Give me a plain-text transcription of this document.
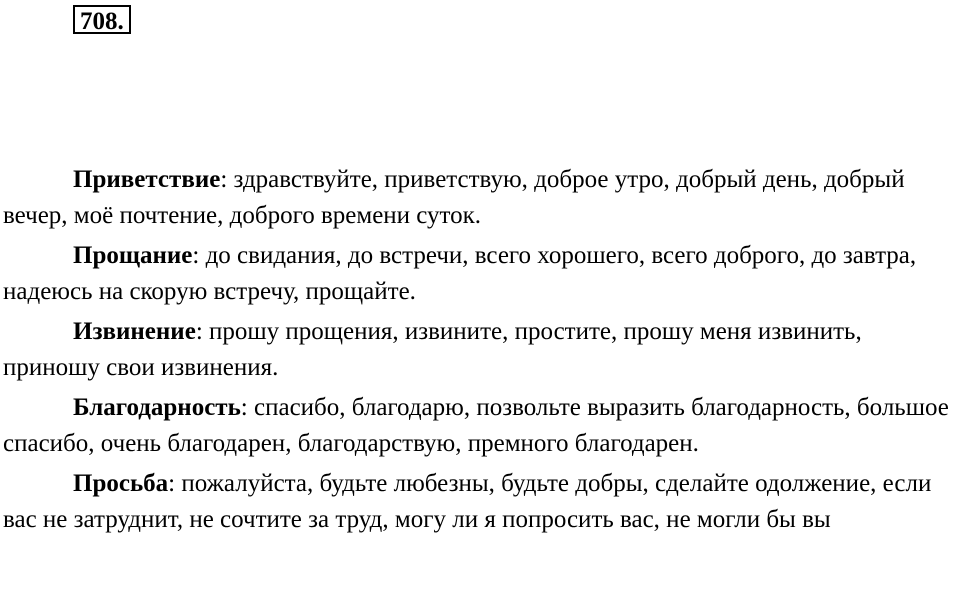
708.

Приветствие: здравствуйте, приветствую, доброе утро, добрый день, добрый вечер, моё почтение, доброго времени суток.

Прощание: до свидания, до встречи, всего хорошего, всего доброго, до завтра, надеюсь на скорую встречу, прощайте.

Извинение: прошу прощения, извините, простите, прошу меня извинить, приношу свои извинения.

Благодарность: спасибо, благодарю, позвольте выразить благодарность, большое спасибо, очень благодарен, благодарствую, премного благодарен.

Просьба: пожалуйста, будьте любезны, будьте добры, сделайте одолжение, если вас не затруднит, не сочтите за труд, могу ли я попросить вас, не могли бы вы
